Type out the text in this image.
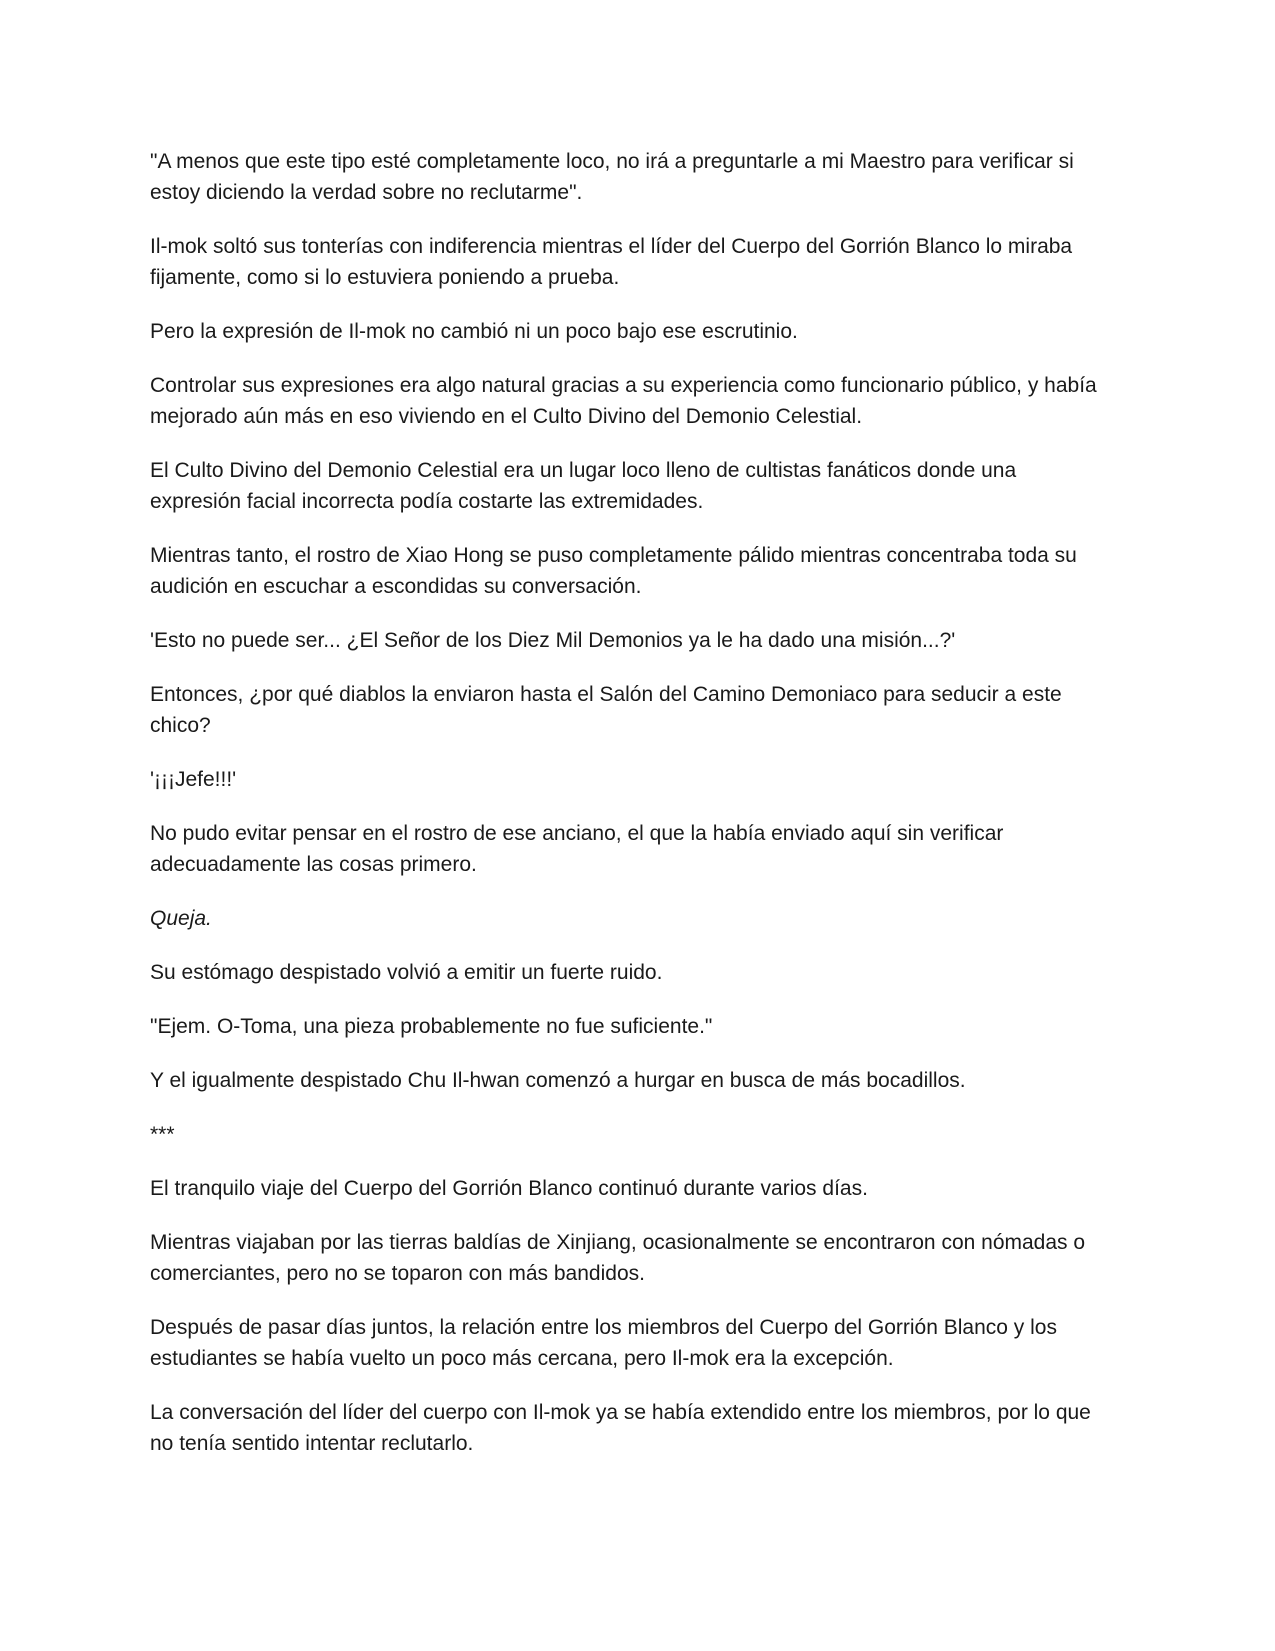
"A menos que este tipo esté completamente loco, no irá a preguntarle a mi Maestro para verificar si estoy diciendo la verdad sobre no reclutarme".

Il-mok soltó sus tonterías con indiferencia mientras el líder del Cuerpo del Gorrión Blanco lo miraba fijamente, como si lo estuviera poniendo a prueba.

Pero la expresión de Il-mok no cambió ni un poco bajo ese escrutinio.

Controlar sus expresiones era algo natural gracias a su experiencia como funcionario público, y había mejorado aún más en eso viviendo en el Culto Divino del Demonio Celestial.

El Culto Divino del Demonio Celestial era un lugar loco lleno de cultistas fanáticos donde una expresión facial incorrecta podía costarte las extremidades.

Mientras tanto, el rostro de Xiao Hong se puso completamente pálido mientras concentraba toda su audición en escuchar a escondidas su conversación.

'Esto no puede ser... ¿El Señor de los Diez Mil Demonios ya le ha dado una misión...?'

Entonces, ¿por qué diablos la enviaron hasta el Salón del Camino Demoniaco para seducir a este chico?

'¡¡¡Jefe!!!'

No pudo evitar pensar en el rostro de ese anciano, el que la había enviado aquí sin verificar adecuadamente las cosas primero.

Queja.

Su estómago despistado volvió a emitir un fuerte ruido.

"Ejem. O-Toma, una pieza probablemente no fue suficiente."

Y el igualmente despistado Chu Il-hwan comenzó a hurgar en busca de más bocadillos.

***

El tranquilo viaje del Cuerpo del Gorrión Blanco continuó durante varios días.

Mientras viajaban por las tierras baldías de Xinjiang, ocasionalmente se encontraron con nómadas o comerciantes, pero no se toparon con más bandidos.

Después de pasar días juntos, la relación entre los miembros del Cuerpo del Gorrión Blanco y los estudiantes se había vuelto un poco más cercana, pero Il-mok era la excepción.

La conversación del líder del cuerpo con Il-mok ya se había extendido entre los miembros, por lo que no tenía sentido intentar reclutarlo.
